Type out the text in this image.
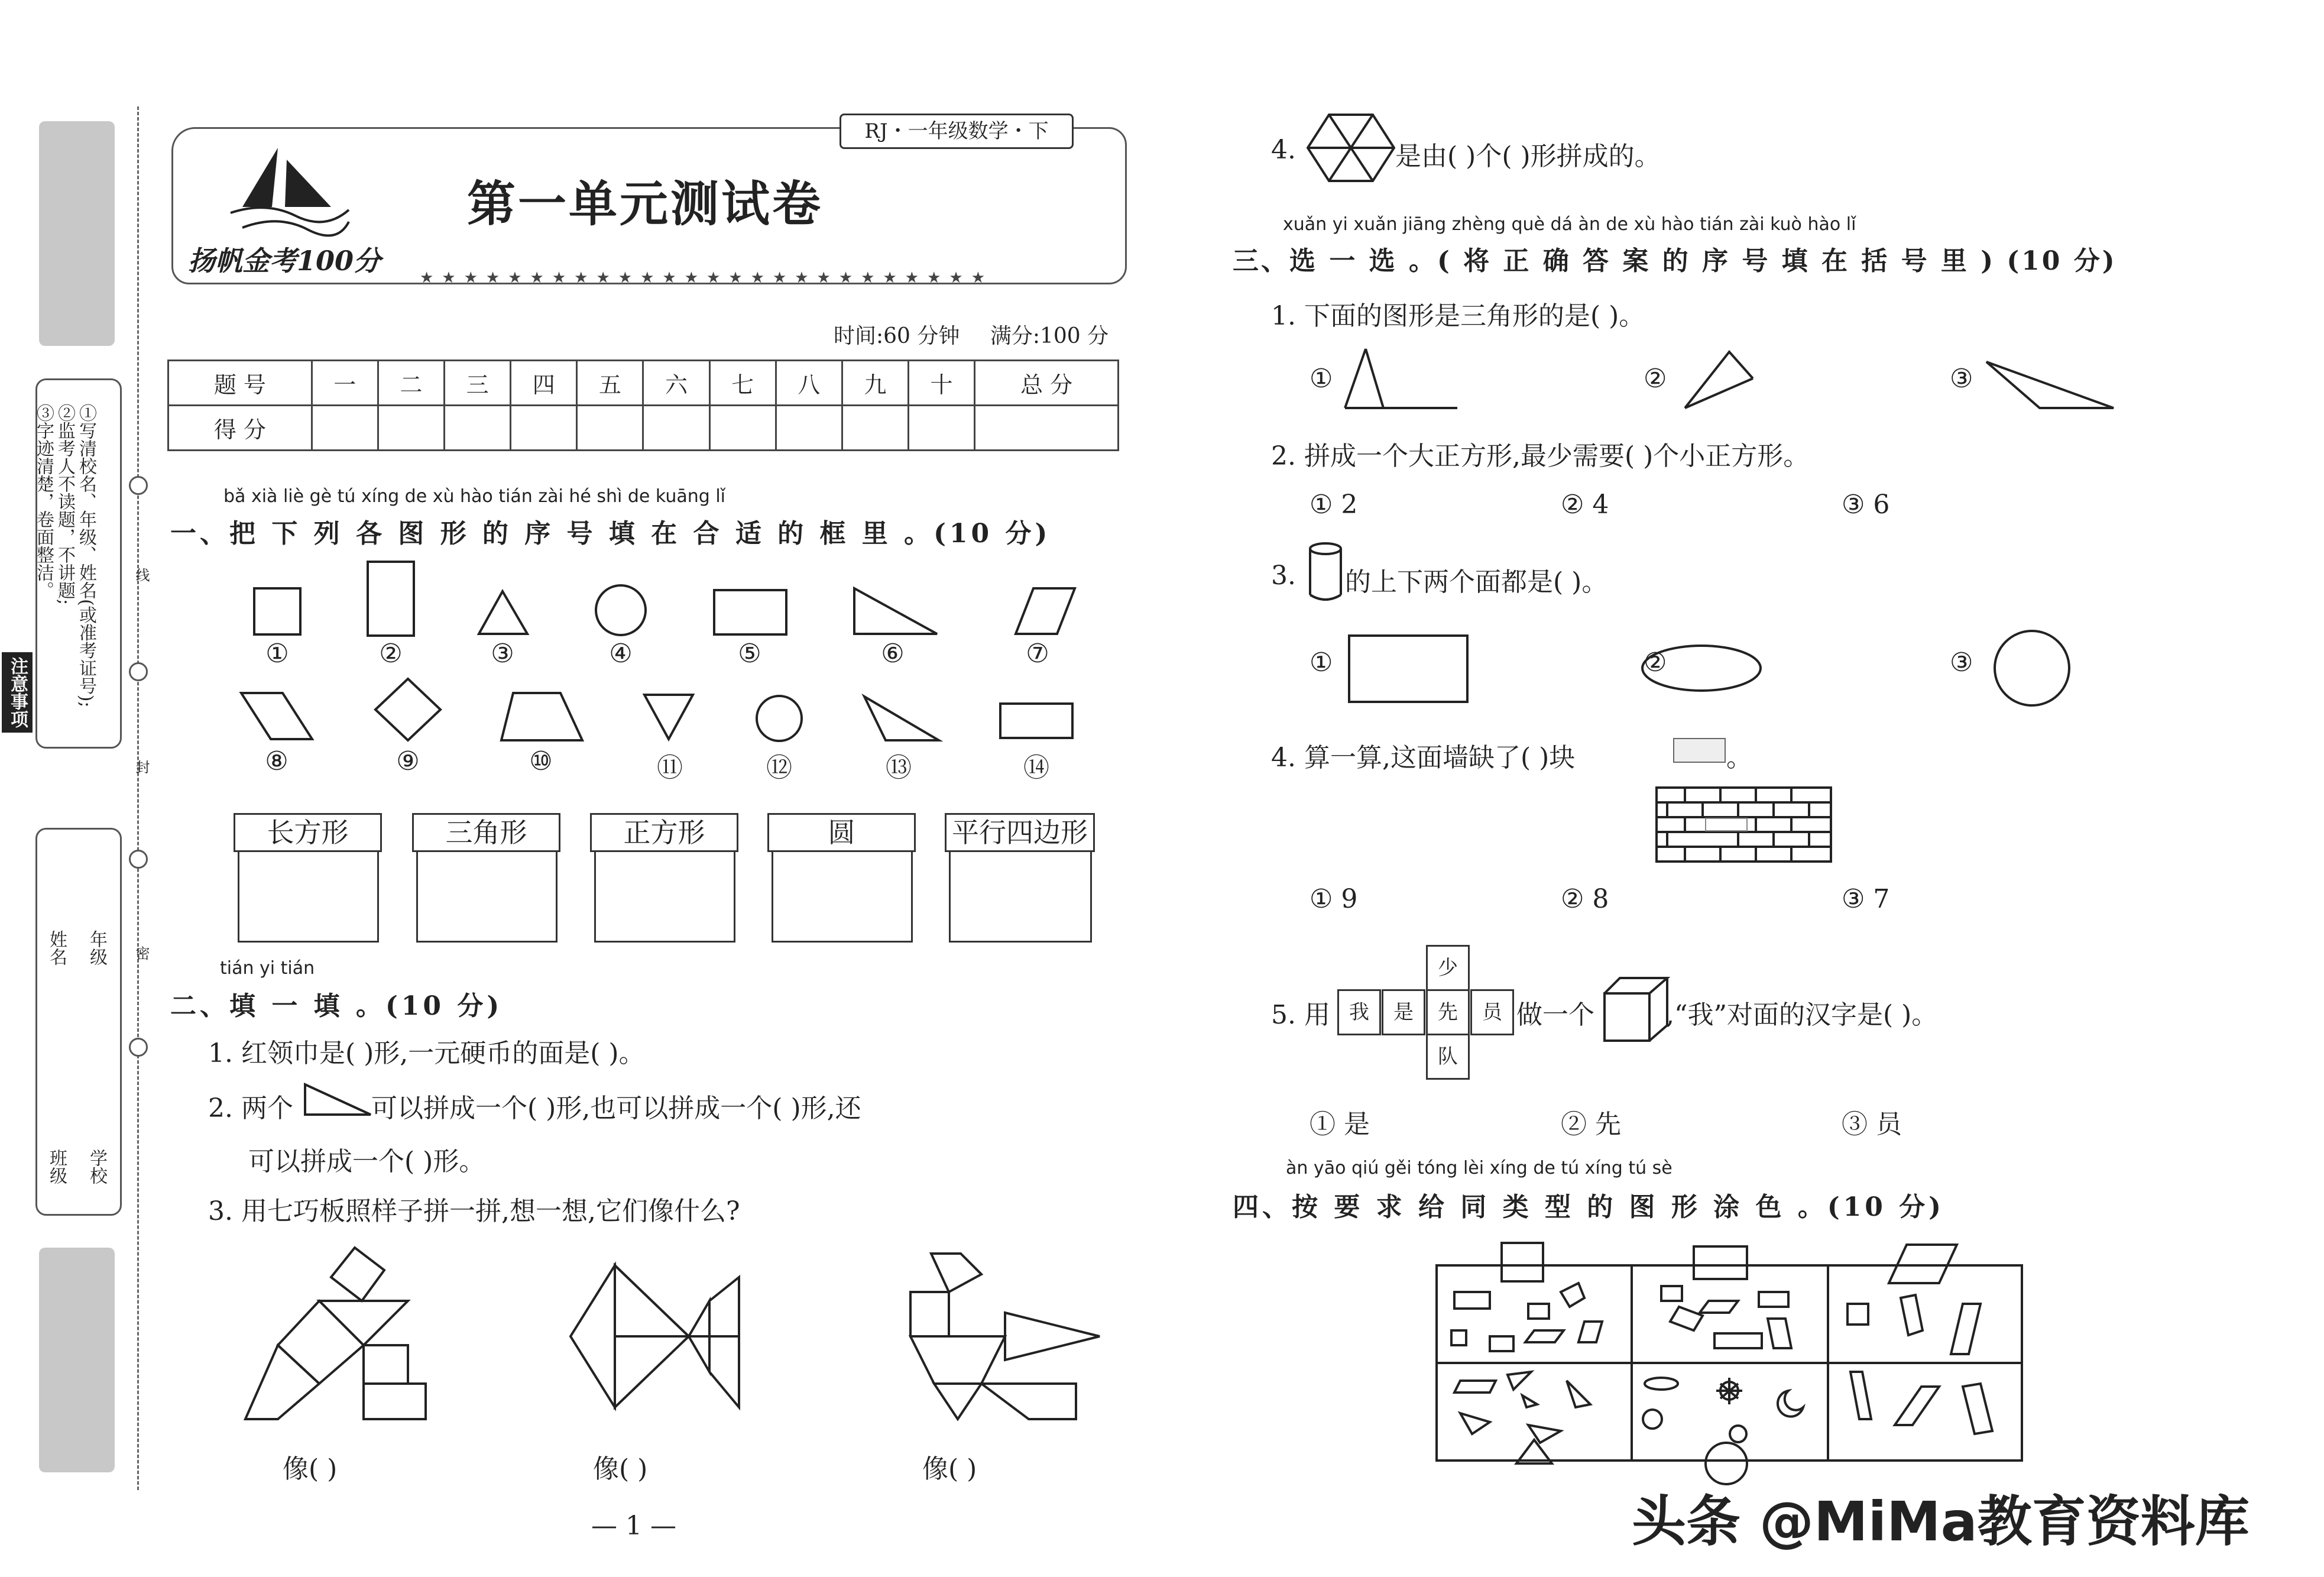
①写清校名、年级、姓名(或准考证号);
②监考人不读题，不讲题;
③字迹清楚，卷面整洁。
注意事项
学校
班级
年级
姓名
线
封
密
RJ・一年级数学・下
扬帆金考100分
第一单元测试卷
★★★★★★★★★★★★★★★★★★★★★★★★★★
时间:60 分钟 满分:100 分
题 号	一	二	三	四	五	六	七	八	九	十	总 分
得 分											
bǎ xià liè gè tú xíng de xù hào tián zài hé shì de kuāng lǐ
一、把 下 列 各 图 形 的 序 号 填 在 合 适 的 框 里 。(10 分)
①	②	③	④	⑤	⑥	⑦
⑧	⑨	⑩	⑪	⑫	⑬	⑭
长方形	三角形	正方形	圆	平行四边形
tián yi tián
二、填 一 填 。(10 分)
1. 红领巾是( )形,一元硬币的面是( )。
2. 两个	可以拼成一个( )形,也可以拼成一个( )形,还
可以拼成一个( )形。
3. 用七巧板照样子拼一拼,想一想,它们像什么?
像( )	像( )	像( )
— 1 —
4.	是由( )个( )形拼成的。
xuǎn yi xuǎn jiāng zhèng què dá àn de xù hào tián zài kuò hào lǐ
三、选 一 选 。( 将 正 确 答 案 的 序 号 填 在 括 号 里 ) (10 分)
1. 下面的图形是三角形的是( )。
①	②	③
2. 拼成一个大正方形,最少需要( )个小正方形。
① 2	② 4	③ 6
3. 的上下两个面都是( )。
①	②	③
4. 算一算,这面墙缺了( )块	。
① 9	② 8	③ 7
5. 用
少
我	是	先	员
队
做一个	,“我”对面的汉字是( )。
① 是	② 先	③ 员
àn yāo qiú gěi tóng lèi xíng de tú xíng tú sè
四、按 要 求 给 同 类 型 的 图 形 涂 色 。(10 分)
头条 @MiMa教育资料库
